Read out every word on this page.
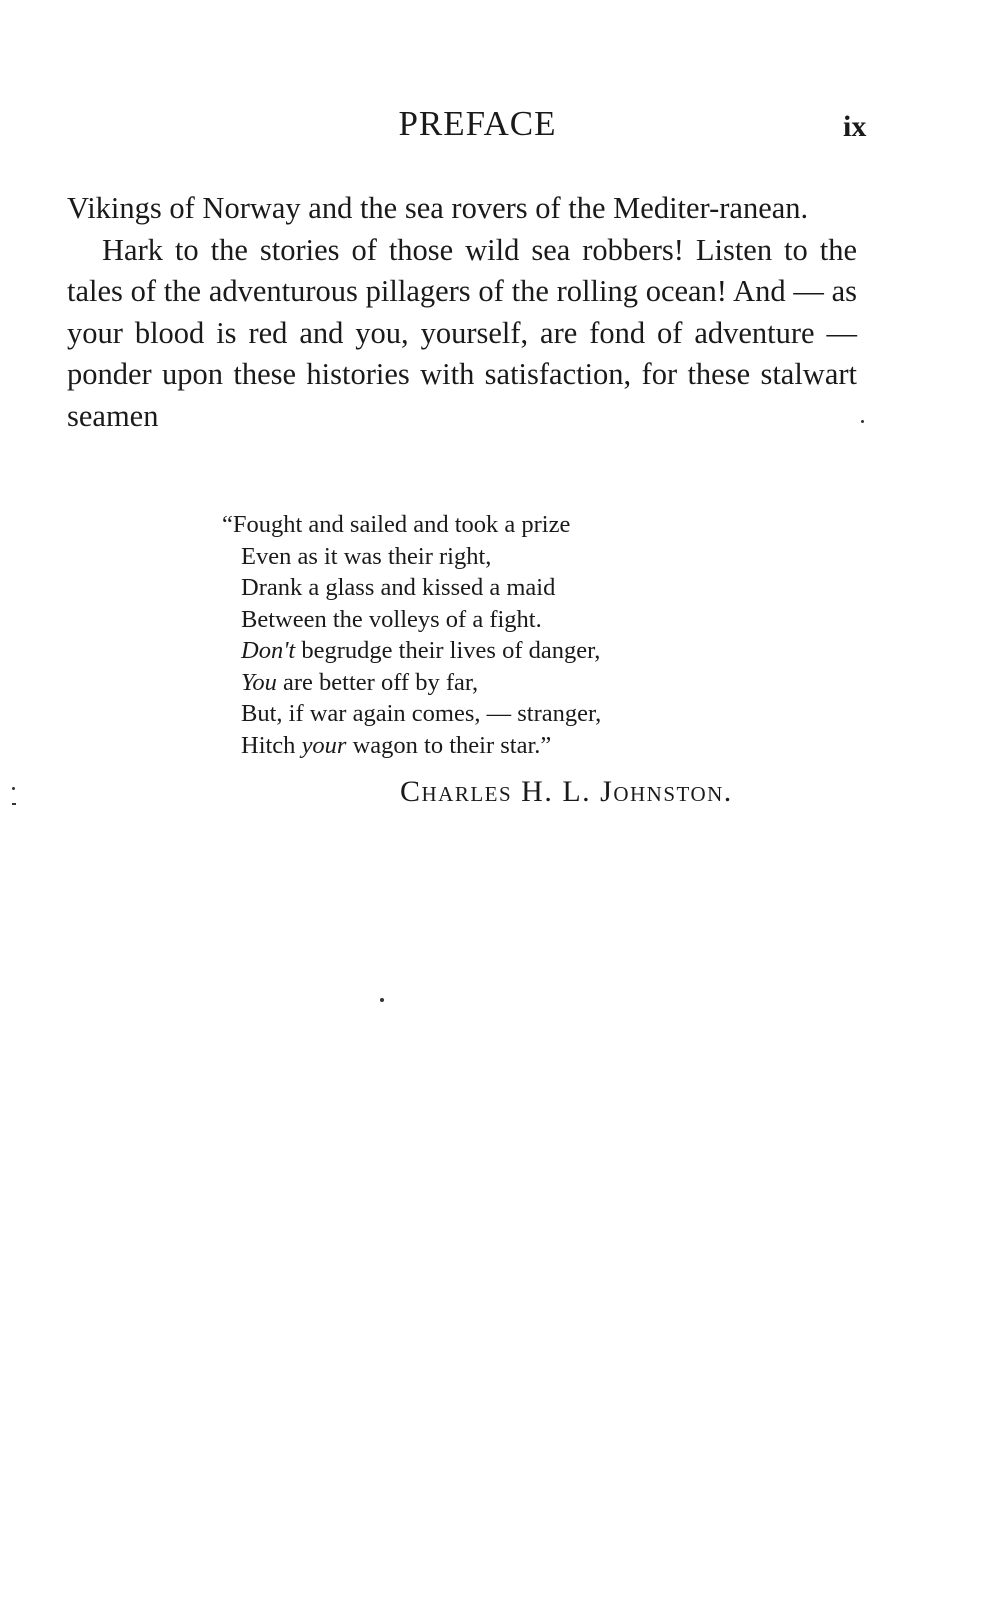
PREFACE	ix

Vikings of Norway and the sea rovers of the Mediter-ranean.

Hark to the stories of those wild sea robbers! Listen to the tales of the adventurous pillagers of the rolling ocean! And — as your blood is red and you, yourself, are fond of adventure — ponder upon these histories with satisfaction, for these stalwart seamen

“Fought and sailed and took a prize
Even as it was their right,
Drank a glass and kissed a maid
Between the volleys of a fight.
Don't begrudge their lives of danger,
You are better off by far,
But, if war again comes, — stranger,
Hitch your wagon to their star.”
Charles H. L. Johnston.
